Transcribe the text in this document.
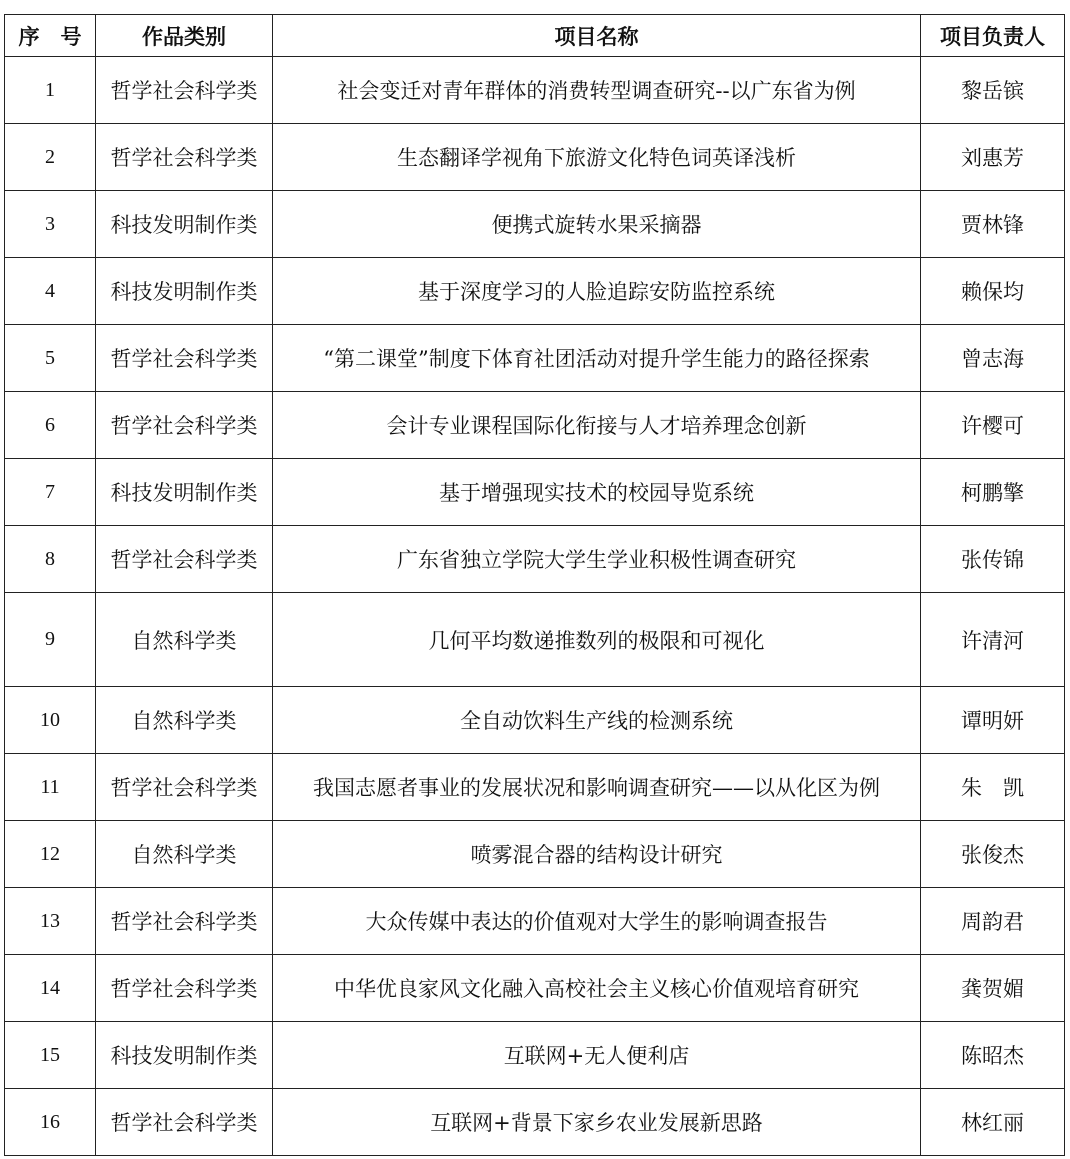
序　号	作品类别	项目名称	项目负责人
1	哲学社会科学类	社会变迁对青年群体的消费转型调查研究--以广东省为例	黎岳镔
2	哲学社会科学类	生态翻译学视角下旅游文化特色词英译浅析	刘惠芳
3	科技发明制作类	便携式旋转水果采摘器	贾林锋
4	科技发明制作类	基于深度学习的人脸追踪安防监控系统	赖保均
5	哲学社会科学类	“第二课堂”制度下体育社团活动对提升学生能力的路径探索	曾志海
6	哲学社会科学类	会计专业课程国际化衔接与人才培养理念创新	许樱可
7	科技发明制作类	基于增强现实技术的校园导览系统	柯鹏擎
8	哲学社会科学类	广东省独立学院大学生学业积极性调查研究	张传锦
9	自然科学类	几何平均数递推数列的极限和可视化	许清河
10	自然科学类	全自动饮料生产线的检测系统	谭明妍
11	哲学社会科学类	我国志愿者事业的发展状况和影响调查研究——以从化区为例	朱　凯
12	自然科学类	喷雾混合器的结构设计研究	张俊杰
13	哲学社会科学类	大众传媒中表达的价值观对大学生的影响调查报告	周韵君
14	哲学社会科学类	中华优良家风文化融入高校社会主义核心价值观培育研究	龚贺媚
15	科技发明制作类	互联网+无人便利店	陈昭杰
16	哲学社会科学类	互联网+背景下家乡农业发展新思路	林红丽
